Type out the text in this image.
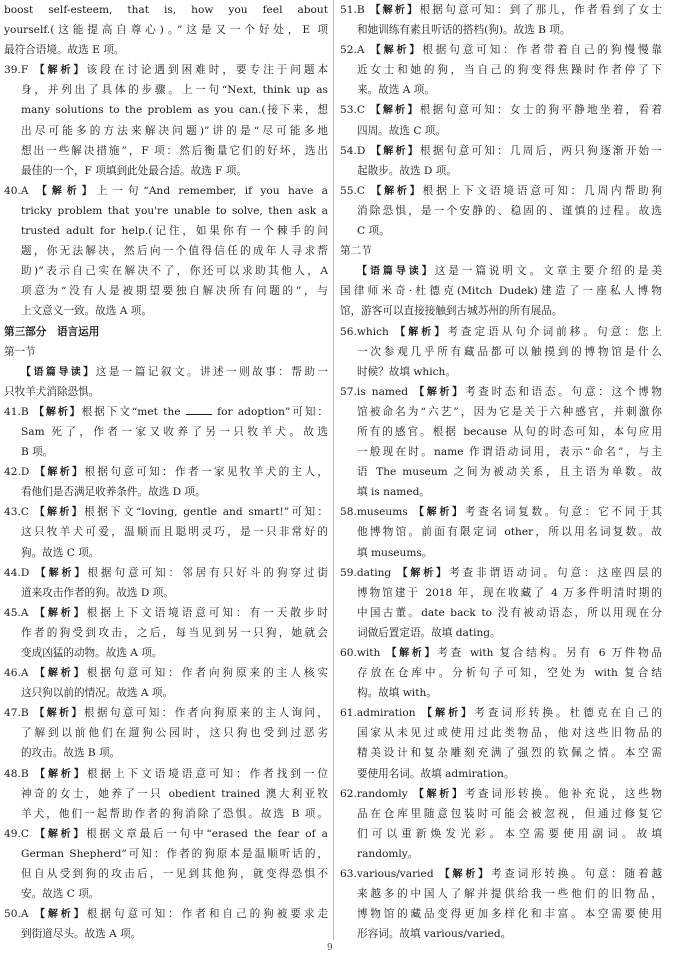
boost self-esteem, that is, how you feel about
yourself.(这能提高自尊心)。”这是又一个好处，E 项
最符合语境。故选 E 项。
39.F 【解析】该段在讨论遇到困难时，要专注于问题本
身，并列出了具体的步骤。上一句“Next, think up as
many solutions to the problem as you can.(接下来，想
出尽可能多的方法来解决问题)”讲的是“尽可能多地
想出一些解决措施”，F 项：然后衡量它们的好坏，选出
最佳的一个，F 项填到此处最合适。故选 F 项。
40.A 【解析】上一句“And remember, if you have a
tricky problem that you're unable to solve, then ask a
trusted adult for help.(记住，如果你有一个棘手的问
题，你无法解决，然后向一个值得信任的成年人寻求帮
助)”表示自己实在解决不了，你还可以求助其他人，A
项意为“没有人是被期望要独自解决所有问题的”，与
上文意义一致。故选 A 项。
第三部分　语言运用
第一节
【语篇导读】这是一篇记叙文。讲述一则故事：帮助一
只牧羊犬消除恐惧。
41.B 【解析】根据下文“met the	for adoption”可知：
Sam 死了，作者一家又收养了另一只牧羊犬。故选
B 项。
42.D 【解析】根据句意可知：作者一家见牧羊犬的主人，
看他们是否满足收养条件。故选 D 项。
43.C 【解析】根据下文“loving, gentle and smart!”可知：
这只牧羊犬可爱，温顺而且聪明灵巧，是一只非常好的
狗。故选 C 项。
44.D 【解析】根据句意可知：邻居有只好斗的狗穿过街
道来攻击作者的狗。故选 D 项。
45.A 【解析】根据上下文语境语意可知：有一天散步时
作者的狗受到攻击，之后，每当见到另一只狗，她就会
变成凶猛的动物。故选 A 项。
46.A 【解析】根据句意可知：作者向狗原来的主人核实
这只狗以前的情况。故选 A 项。
47.B 【解析】根据句意可知：作者向狗原来的主人询问，
了解到以前他们在遛狗公园时，这只狗也受到过恶劣
的攻击。故选 B 项。
48.B 【解析】根据上下文语境语意可知：作者找到一位
神奇的女士，她养了一只 obedient trained 澳大利亚牧
羊犬，他们一起帮助作者的狗消除了恐惧。故选 B 项。
49.C 【解析】根据文章最后一句中“erased the fear of a
German Shepherd”可知：作者的狗原本是温顺听话的，
但自从受到狗的攻击后，一见到其他狗，就变得恐惧不
安。故选 C 项。
50.A 【解析】根据句意可知：作者和自己的狗被要求走
到街道尽头。故选 A 项。
51.B 【解析】根据句意可知：到了那儿，作者看到了女士
和她训练有素且听话的搭档(狗)。故选 B 项。
52.A 【解析】根据句意可知：作者带着自己的狗慢慢靠
近女士和她的狗，当自己的狗变得焦躁时作者停了下
来。故选 A 项。
53.C 【解析】根据句意可知：女士的狗平静地坐着，看着
四周。故选 C 项。
54.D 【解析】根据句意可知：几周后，两只狗逐渐开始一
起散步。故选 D 项。
55.C 【解析】根据上下文语境语意可知：几周内帮助狗
消除恐惧，是一个安静的、稳固的、谨慎的过程。故选
C 项。
第二节
【语篇导读】这是一篇说明文。文章主要介绍的是美
国律师米奇·杜德克(Mitch Dudek)建造了一座私人博物
馆，游客可以直接接触到古城苏州的所有展品。
56.which 【解析】考查定语从句介词前移。句意：您上
一次参观几乎所有藏品都可以触摸到的博物馆是什么
时候？故填 which。
57.is named 【解析】考查时态和语态。句意：这个博物
馆被命名为“六艺”，因为它是关于六种感官，并刺激你
所有的感官。根据 because 从句的时态可知，本句应用
一般现在时。name 作谓语动词用，表示“命名”，与主
语 The museum 之间为被动关系，且主语为单数。故
填 is named。
58.museums 【解析】考查名词复数。句意：它不同于其
他博物馆。前面有限定词 other，所以用名词复数。故
填 museums。
59.dating 【解析】考查非谓语动词。句意：这座四层的
博物馆建于 2018 年，现在收藏了 4 万多件明清时期的
中国古董。date back to 没有被动语态，所以用现在分
词做后置定语。故填 dating。
60.with 【解析】考查 with 复合结构。另有 6 万件物品
存放在仓库中。分析句子可知，空处为 with 复合结
构。故填 with。
61.admiration 【解析】考查词形转换。杜德克在自己的
国家从未见过或使用过此类物品，他对这些旧物品的
精美设计和复杂雕刻充满了强烈的钦佩之情。本空需
要使用名词。故填 admiration。
62.randomly 【解析】考查词形转换。他补充说，这些物
品在仓库里随意包装时可能会被忽视，但通过修复它
们可以重新焕发光彩。本空需要使用副词。故填
randomly。
63.various/varied 【解析】考查词形转换。句意：随着越
来越多的中国人了解并提供给我一些他们的旧物品，
博物馆的藏品变得更加多样化和丰富。本空需要使用
形容词。故填 various/varied。
9
